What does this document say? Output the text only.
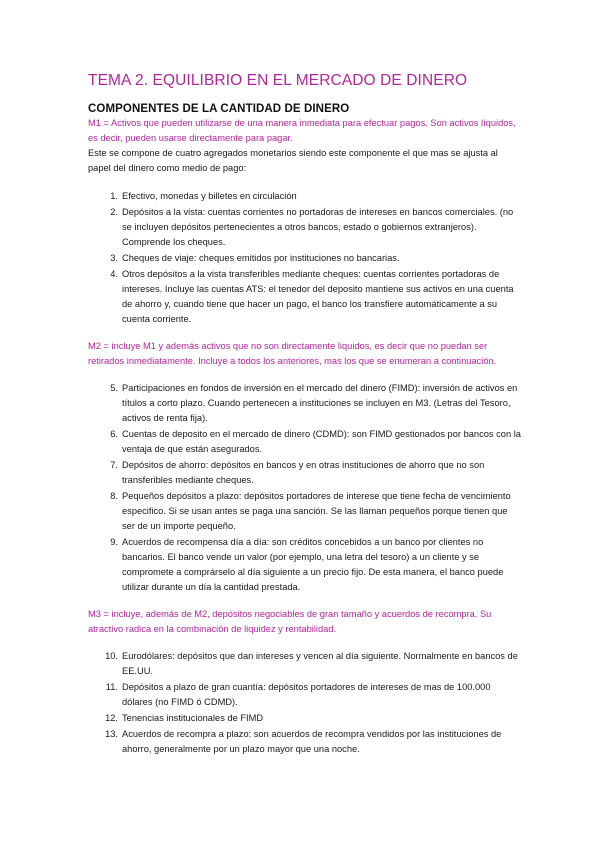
TEMA 2. EQUILIBRIO EN EL MERCADO DE DINERO
COMPONENTES DE LA CANTIDAD DE DINERO

M1 = Activos que pueden utilizarse de una manera inmediata para efectuar pagos. Son activos líquidos, es decir, pueden usarse directamente para pagar.

Este se compone de cuatro agregados monetarios siendo este componente el que mas se ajusta al papel del dinero como medio de pago:

1. Efectivo, monedas y billetes en circulación
2. Depósitos a la vista: cuentas corrientes no portadoras de intereses en bancos comerciales. (no se incluyen depósitos pertenecientes a otros bancos, estado o gobiernos extranjeros). Comprende los cheques.
3. Cheques de viaje: cheques emitidos por instituciones no bancarias.
4. Otros depósitos a la vista transferibles mediante cheques: cuentas corrientes portadoras de intereses. Incluye las cuentas ATS: el tenedor del deposito mantiene sus activos en una cuenta de ahorro y, cuando tiene que hacer un pago, el banco los transfiere automáticamente a su cuenta corriente.

M2 = incluye M1 y además activos que no son directamente liquidos, es decir que no puedan ser retirados inmediatamente. Incluye a todos los anteriores, mas los que se enumeran a continuación.

5. Participaciones en fondos de inversión en el mercado del dinero (FIMD): inversión de activos en títulos a corto plazo. Cuando pertenecen a instituciones se incluyen en M3. (Letras del Tesoro, activos de renta fija).
6. Cuentas de deposito en el mercado de dinero (CDMD): son FIMD gestionados por bancos con la ventaja de que están asegurados.
7. Depósitos de ahorro: depósitos en bancos y en otras instituciones de ahorro que no son transferibles mediante cheques.
8. Pequeños depósitos a plazo: depósitos portadores de interese que tiene fecha de vencimiento especifico. Si se usan antes se paga una sanción. Se las llaman pequeños porque tienen que ser de un importe pequeño.
9. Acuerdos de recompensa día a día: son créditos concebidos a un banco por clientes no bancarios. El banco vende un valor (por ejemplo, una letra del tesoro) a un cliente y se compromete a comprárselo al día siguiente a un precio fijo. De esta manera, el banco puede utilizar durante un día la cantidad prestada.

M3 = incluye, además de M2, depósitos negociables de gran tamaño y acuerdos de recompra. Su atractivo radica en la combinación de liquidez y rentabilidad.

10. Eurodólares: depósitos que dan intereses y vencen al día siguiente. Normalmente en bancos de EE.UU.
11. Depósitos a plazo de gran cuantía: depósitos portadores de intereses de mas de 100.000 dólares (no FIMD ó CDMD).
12. Tenencias institucionales de FIMD
13. Acuerdos de recompra a plazo: son acuerdos de recompra vendidos por las instituciones de ahorro, generalmente por un plazo mayor que una noche.
